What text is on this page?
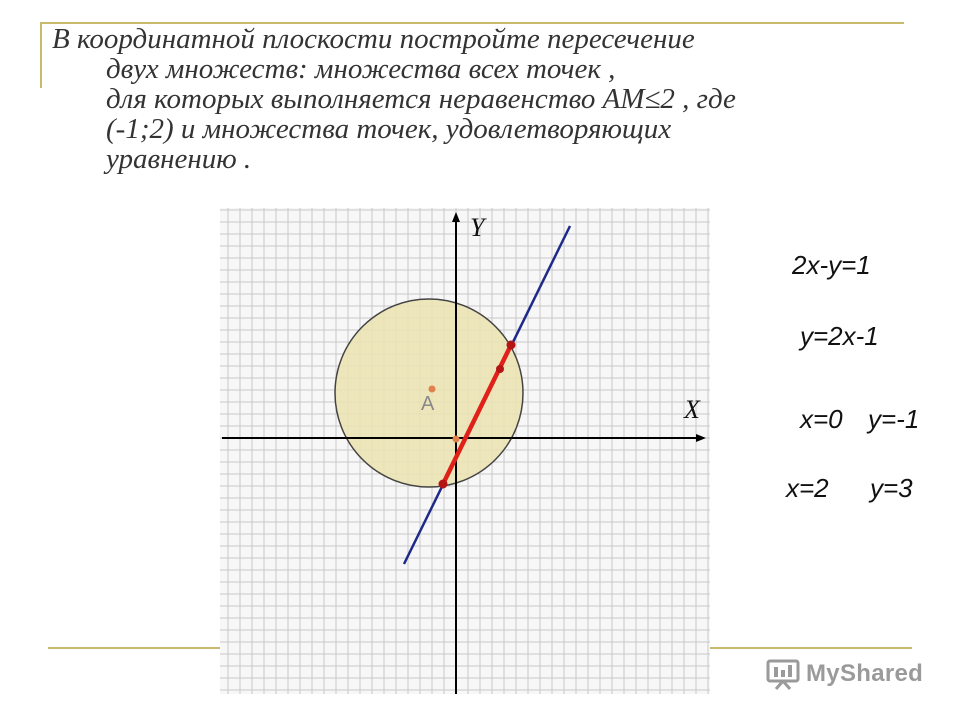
В координатной плоскости постройте пересечение
двух множеств: множества всех точек ,
для которых выполняется неравенство АМ≤2 , где
(-1;2) и множества точек, удовлетворяющих
уравнению .
A
Y
X
2x-y=1
y=2x-1
x=0 y=-1
x=2 y=3
MyShared
